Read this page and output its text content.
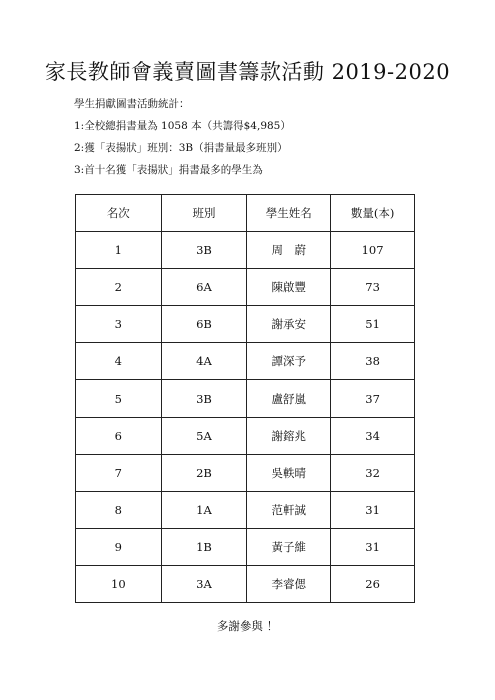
家長教師會義賣圖書籌款活動 2019-2020
學生捐獻圖書活動統計：
1:全校總捐書量為 1058 本（共籌得$4,985）
2:獲「表揚狀」班別：3B（捐書量最多班別）
3:首十名獲「表揚狀」捐書最多的學生為
名次	班別	學生姓名	數量(本)
1	3B	周　蔚	107
2	6A	陳啟豐	73
3	6B	謝承安	51
4	4A	譚深予	38
5	3B	盧舒嵐	37
6	5A	謝鎔兆	34
7	2B	吳軼晴	32
8	1A	范軒誠	31
9	1B	黃子維	31
10	3A	李睿偲	26
多謝參與 ！
